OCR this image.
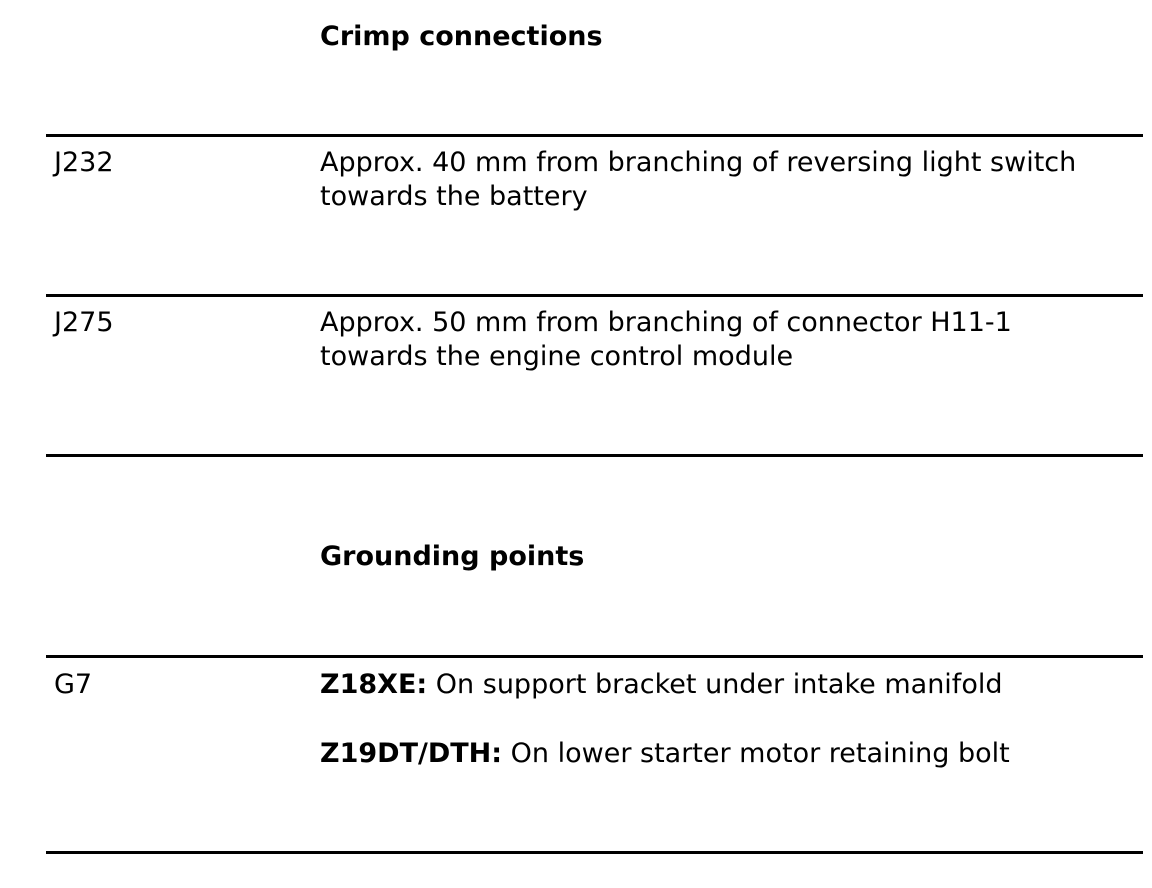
Crimp connections
J232	Approx. 40 mm from branching of reversing light switch
towards the battery
J275	Approx. 50 mm from branching of connector H11-1
towards the engine control module
Grounding points
G7	Z18XE: On support bracket under intake manifold
Z19DT/DTH: On lower starter motor retaining bolt
